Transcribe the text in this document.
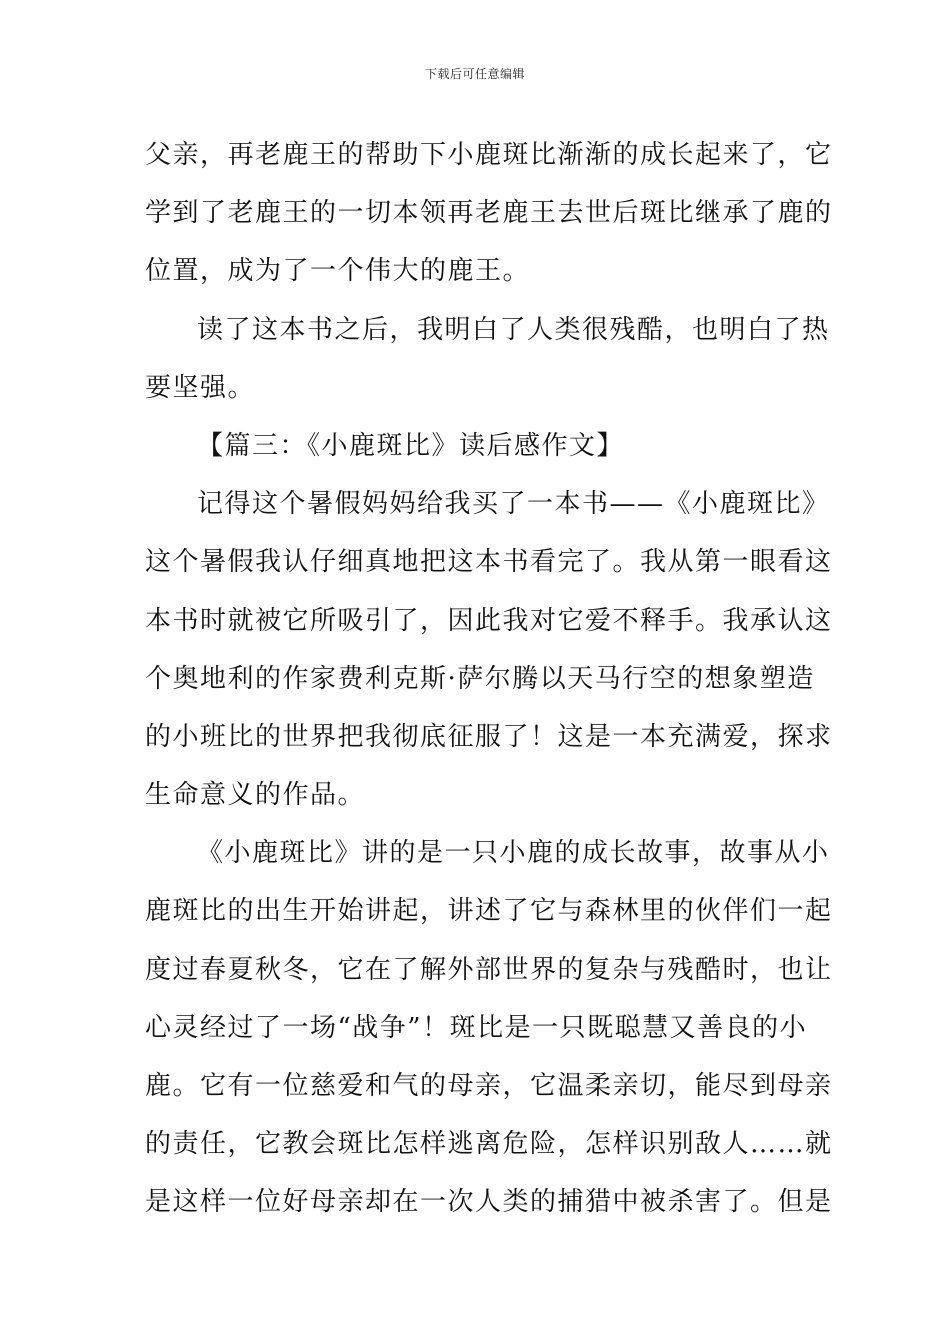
下载后可任意编辑
父亲，再老鹿王的帮助下小鹿斑比渐渐的成长起来了，它
学到了老鹿王的一切本领再老鹿王去世后斑比继承了鹿的
位置，成为了一个伟大的鹿王。
读了这本书之后，我明白了人类很残酷，也明白了热
要坚强。
【篇三：《小鹿斑比》读后感作文】
记得这个暑假妈妈给我买了一本书——《小鹿斑比》
这个暑假我认仔细真地把这本书看完了。我从第一眼看这
本书时就被它所吸引了，因此我对它爱不释手。我承认这
个奥地利的作家费利克斯·萨尔腾以天马行空的想象塑造
的小班比的世界把我彻底征服了！这是一本充满爱，探求
生命意义的作品。
《小鹿斑比》讲的是一只小鹿的成长故事，故事从小
鹿斑比的出生开始讲起，讲述了它与森林里的伙伴们一起
度过春夏秋冬，它在了解外部世界的复杂与残酷时，也让
心灵经过了一场“战争”！斑比是一只既聪慧又善良的小
鹿。它有一位慈爱和气的母亲，它温柔亲切，能尽到母亲
的责任，它教会斑比怎样逃离危险，怎样识别敌人……就
是这样一位好母亲却在一次人类的捕猎中被杀害了。但是
